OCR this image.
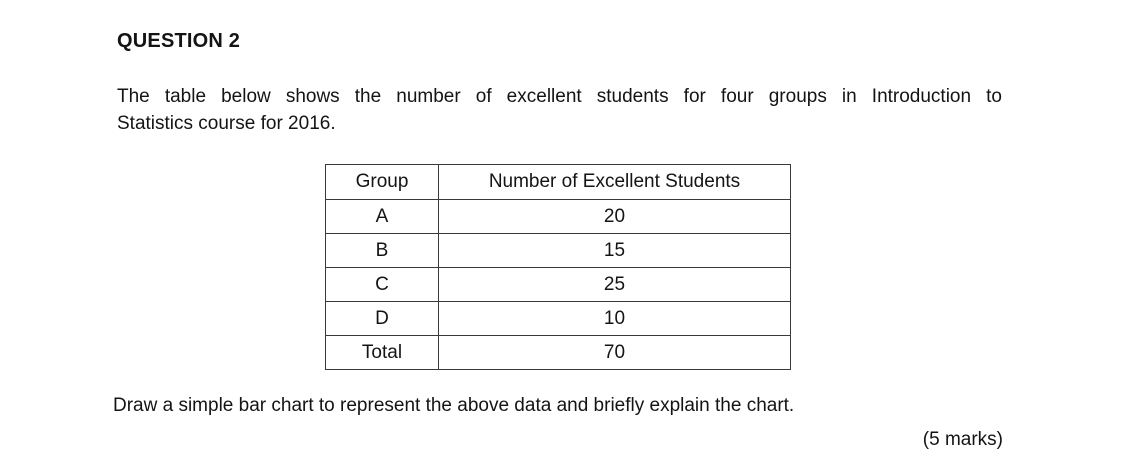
QUESTION 2
The table below shows the number of excellent students for four groups in Introduction to
Statistics course for 2016.
Group	Number of Excellent Students
A	20
B	15
C	25
D	10
Total	70
Draw a simple bar chart to represent the above data and briefly explain the chart.
(5 marks)
